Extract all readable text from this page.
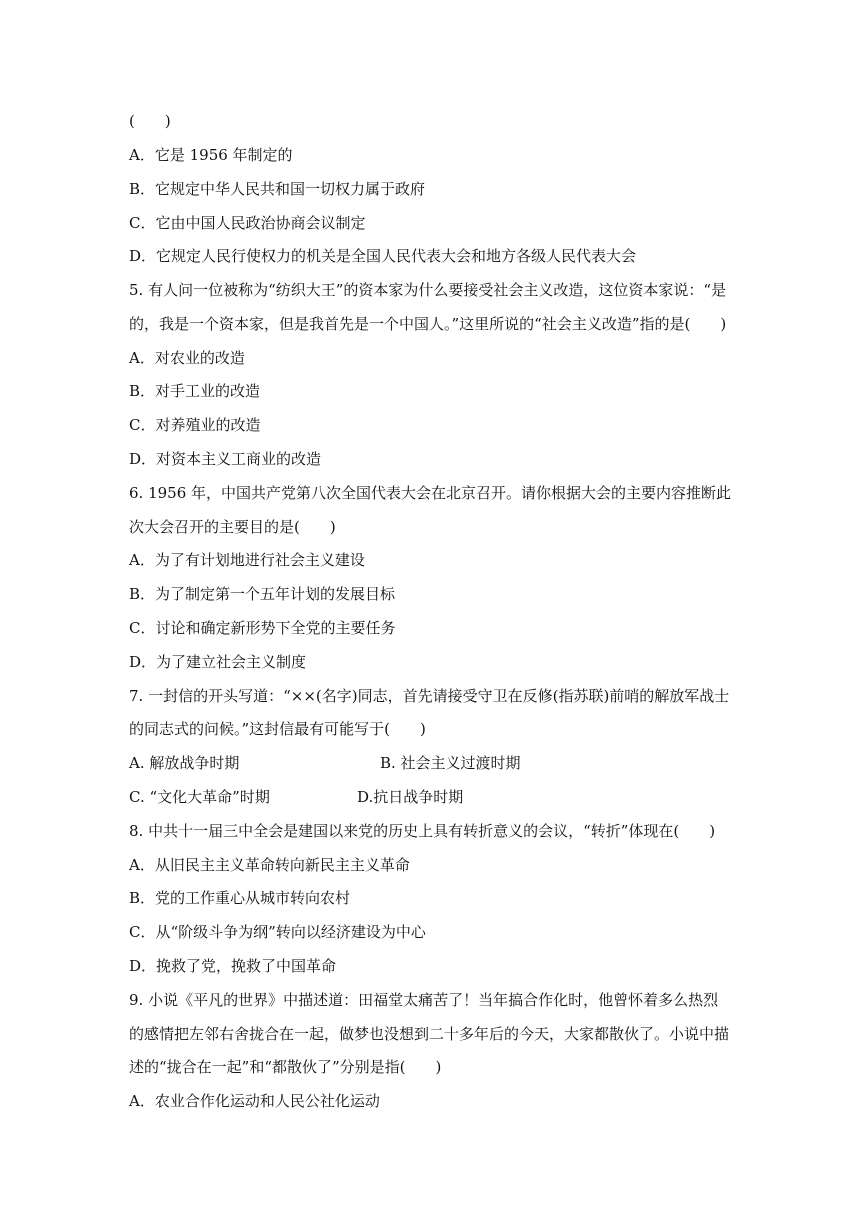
(　　)
A．它是 1956 年制定的
B．它规定中华人民共和国一切权力属于政府
C．它由中国人民政治协商会议制定
D．它规定人民行使权力的机关是全国人民代表大会和地方各级人民代表大会
5. 有人问一位被称为“纺织大王”的资本家为什么要接受社会主义改造，这位资本家说：“是
的，我是一个资本家，但是我首先是一个中国人。”这里所说的“社会主义改造”指的是(　　)
A．对农业的改造
B．对手工业的改造
C．对养殖业的改造
D．对资本主义工商业的改造
6. 1956 年，中国共产党第八次全国代表大会在北京召开。请你根据大会的主要内容推断此
次大会召开的主要目的是(　　)
A．为了有计划地进行社会主义建设
B．为了制定第一个五年计划的发展目标
C．讨论和确定新形势下全党的主要任务
D．为了建立社会主义制度
7. 一封信的开头写道：“××(名字)同志，首先请接受守卫在反修(指苏联)前哨的解放军战士
的同志式的问候。”这封信最有可能写于(　　)
A. 解放战争时期	B. 社会主义过渡时期
C. “文化大革命”时期	D.抗日战争时期
8. 中共十一届三中全会是建国以来党的历史上具有转折意义的会议，“转折”体现在(　　)
A．从旧民主主义革命转向新民主主义革命
B．党的工作重心从城市转向农村
C．从“阶级斗争为纲”转向以经济建设为中心
D．挽救了党，挽救了中国革命
9. 小说《平凡的世界》中描述道：田福堂太痛苦了！当年搞合作化时，他曾怀着多么热烈
的感情把左邻右舍拢合在一起，做梦也没想到二十多年后的今天，大家都散伙了。小说中描
述的“拢合在一起”和“都散伙了”分别是指(　　)
A．农业合作化运动和人民公社化运动
